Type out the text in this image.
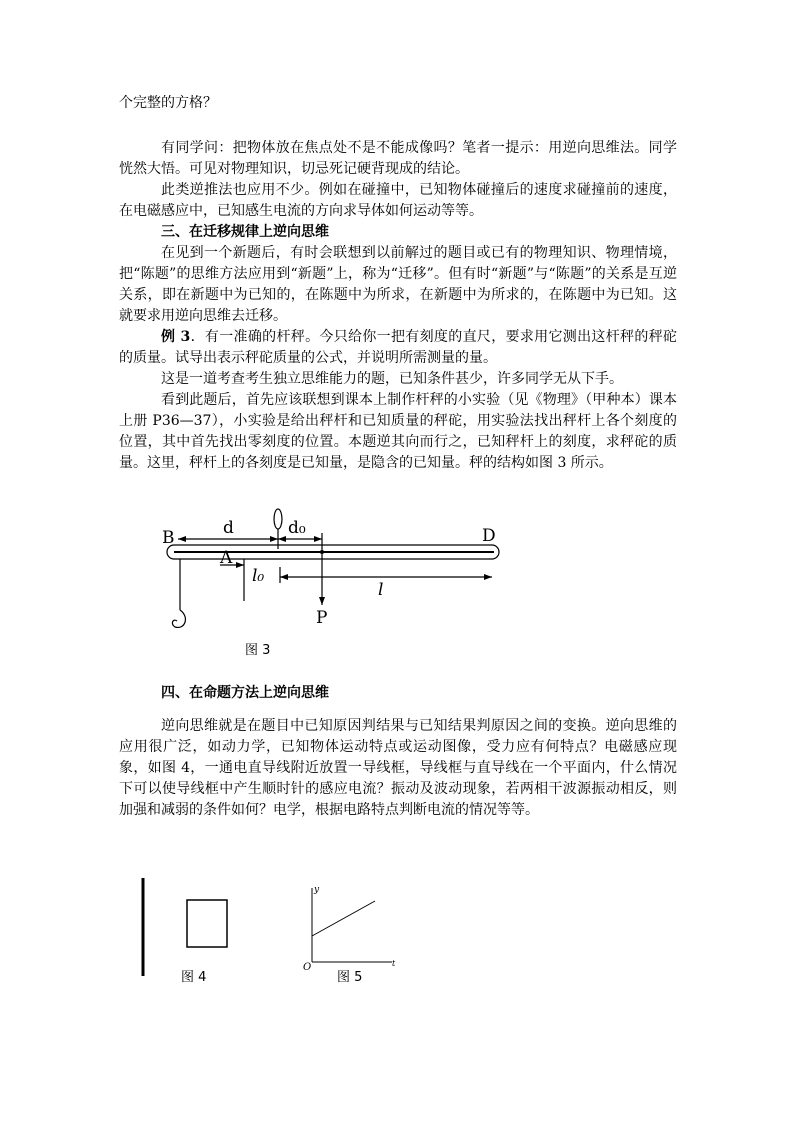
个完整的方格？

有同学问：把物体放在焦点处不是不能成像吗？笔者一提示：用逆向思维法。同学恍然大悟。可见对物理知识，切忌死记硬背现成的结论。

此类逆推法也应用不少。例如在碰撞中，已知物体碰撞后的速度求碰撞前的速度，在电磁感应中，已知感生电流的方向求导体如何运动等等。

三、在迁移规律上逆向思维

在见到一个新题后，有时会联想到以前解过的题目或已有的物理知识、物理情境，把“陈题”的思维方法应用到“新题”上，称为“迁移”。但有时“新题”与“陈题”的关系是互逆关系，即在新题中为已知的，在陈题中为所求，在新题中为所求的，在陈题中为已知。这就要求用逆向思维去迁移。

例 3．有一准确的杆秤。今只给你一把有刻度的直尺，要求用它测出这杆秤的秤砣的质量。试导出表示秤砣质量的公式，并说明所需测量的量。

这是一道考查考生独立思维能力的题，已知条件甚少，许多同学无从下手。

看到此题后，首先应该联想到课本上制作杆秤的小实验（见《物理》（甲种本）课本上册 P36—37），小实验是给出秤杆和已知质量的秤砣，用实验法找出秤杆上各个刻度的位置，其中首先找出零刻度的位置。本题逆其向而行之，已知秤杆上的刻度，求秤砣的质量。这里，秤杆上的各刻度是已知量，是隐含的已知量。秤的结构如图 3 所示。

B	D
d	d₀
A
l₀
l
P
图 3

四、在命题方法上逆向思维

逆向思维就是在题目中已知原因判结果与已知结果判原因之间的变换。逆向思维的应用很广泛，如动力学，已知物体运动特点或运动图像，受力应有何特点？电磁感应现象，如图 4，一通电直导线附近放置一导线框，导线框与直导线在一个平面内，什么情况下可以使导线框中产生顺时针的感应电流？振动及波动现象，若两相干波源振动相反，则加强和减弱的条件如何？电学，根据电路特点判断电流的情况等等。

图 4
y
t
O
图 5
